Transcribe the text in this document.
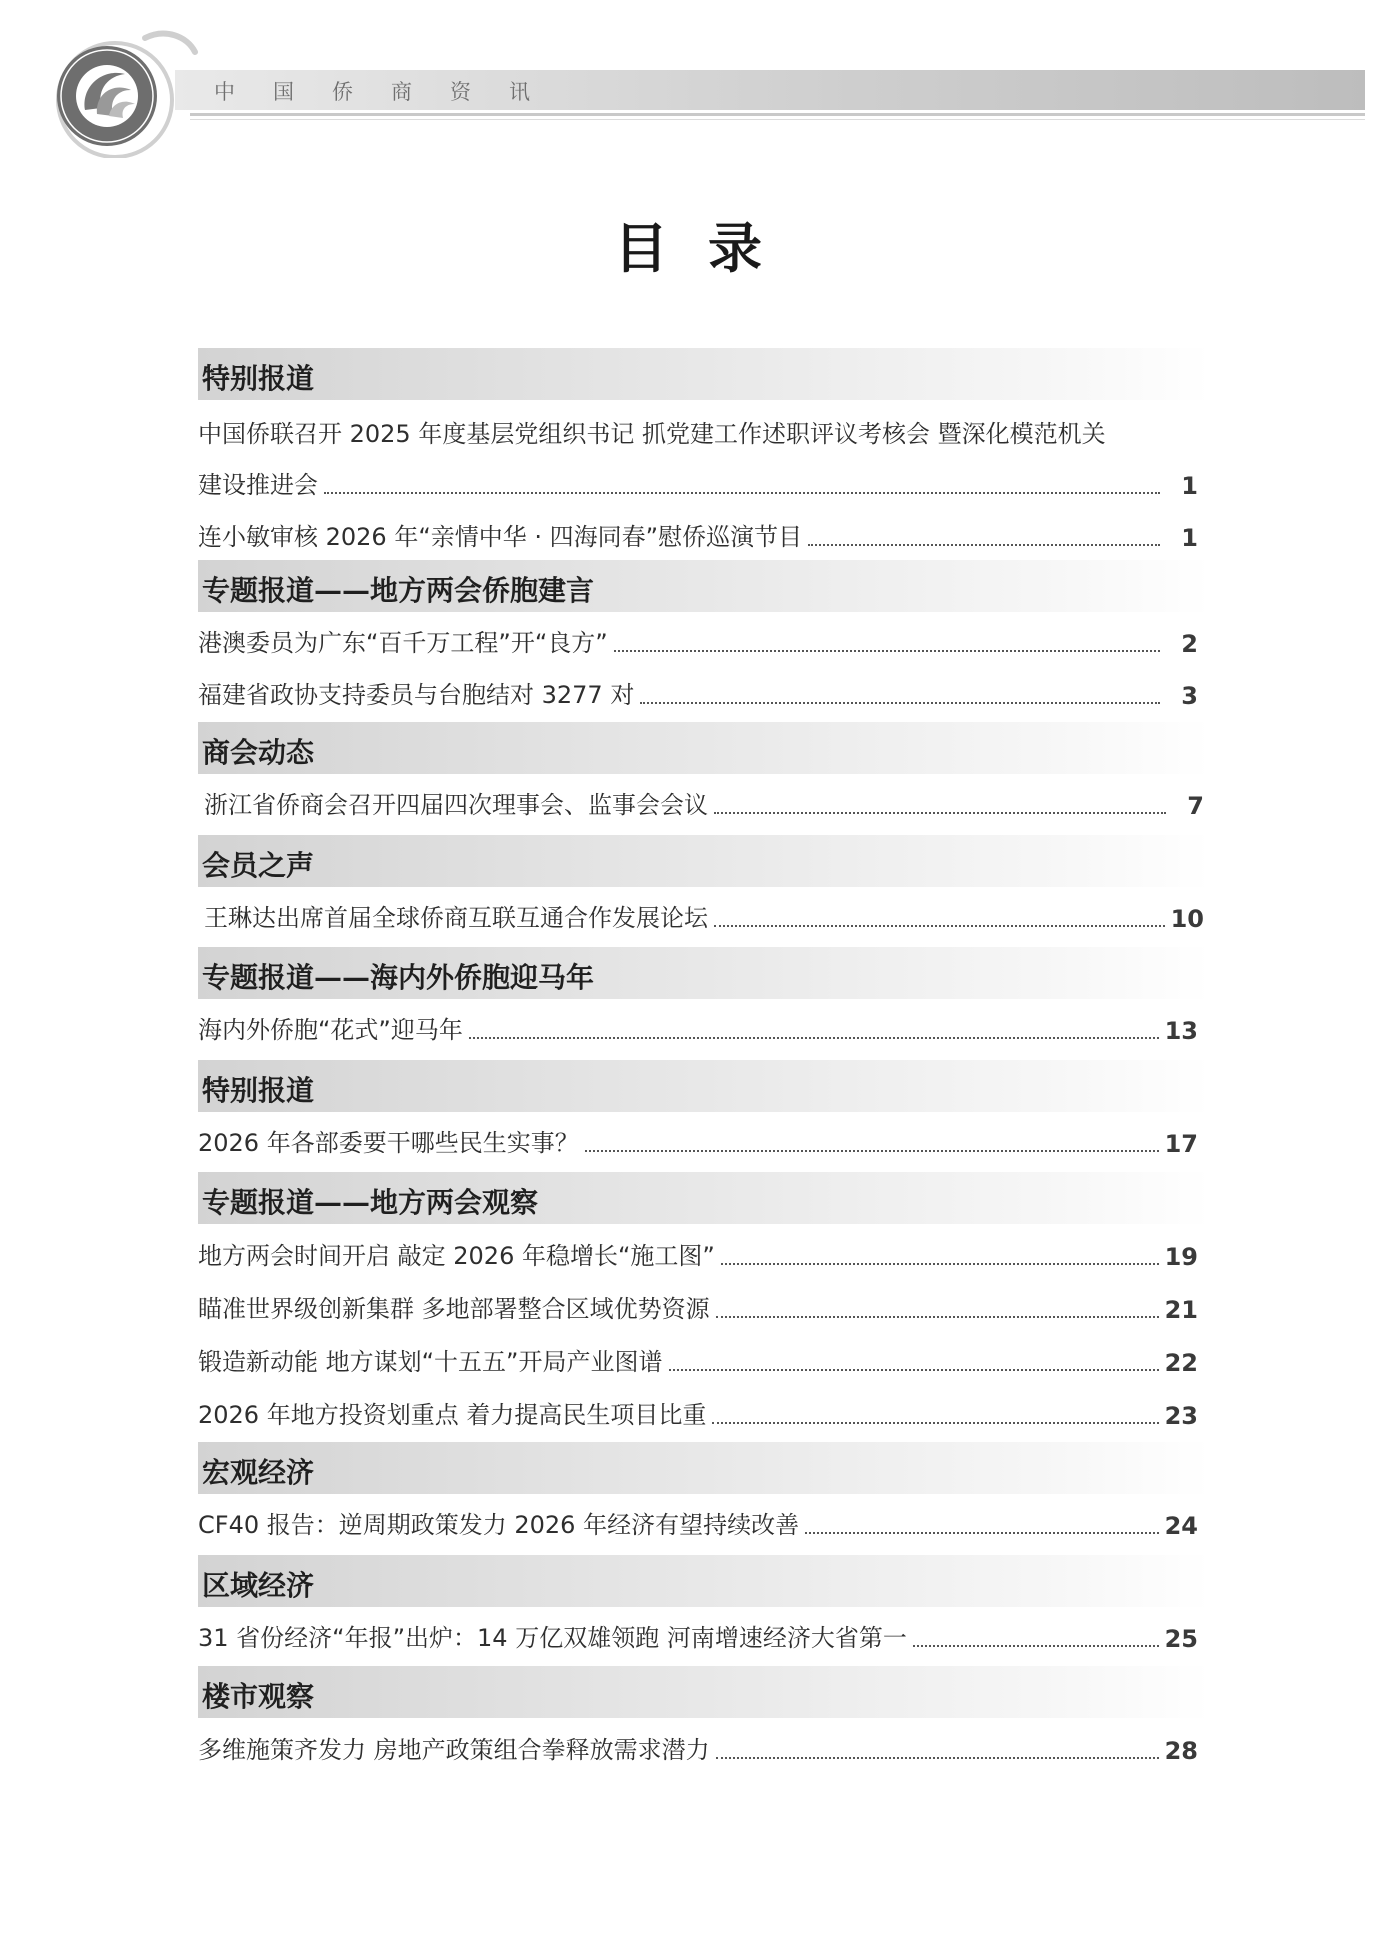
中国侨商资讯
目录
特别报道
中国侨联召开 2025 年度基层党组织书记 抓党建工作述职评议考核会 暨深化模范机关
建设推进会	1
连小敏审核 2026 年“亲情中华 · 四海同春”慰侨巡演节目	1
专题报道——地方两会侨胞建言
港澳委员为广东“百千万工程”开“良方”	2
福建省政协支持委员与台胞结对 3277 对	3
商会动态
浙江省侨商会召开四届四次理事会、监事会会议	7
会员之声
王琳达出席首届全球侨商互联互通合作发展论坛	10
专题报道——海内外侨胞迎马年
海内外侨胞“花式”迎马年	13
特别报道
2026 年各部委要干哪些民生实事？	17
专题报道——地方两会观察
地方两会时间开启 敲定 2026 年稳增长“施工图”	19
瞄准世界级创新集群 多地部署整合区域优势资源	21
锻造新动能 地方谋划“十五五”开局产业图谱	22
2026 年地方投资划重点 着力提高民生项目比重	23
宏观经济
CF40 报告：逆周期政策发力 2026 年经济有望持续改善	24
区域经济
31 省份经济“年报”出炉：14 万亿双雄领跑 河南增速经济大省第一	25
楼市观察
多维施策齐发力 房地产政策组合拳释放需求潜力	28
